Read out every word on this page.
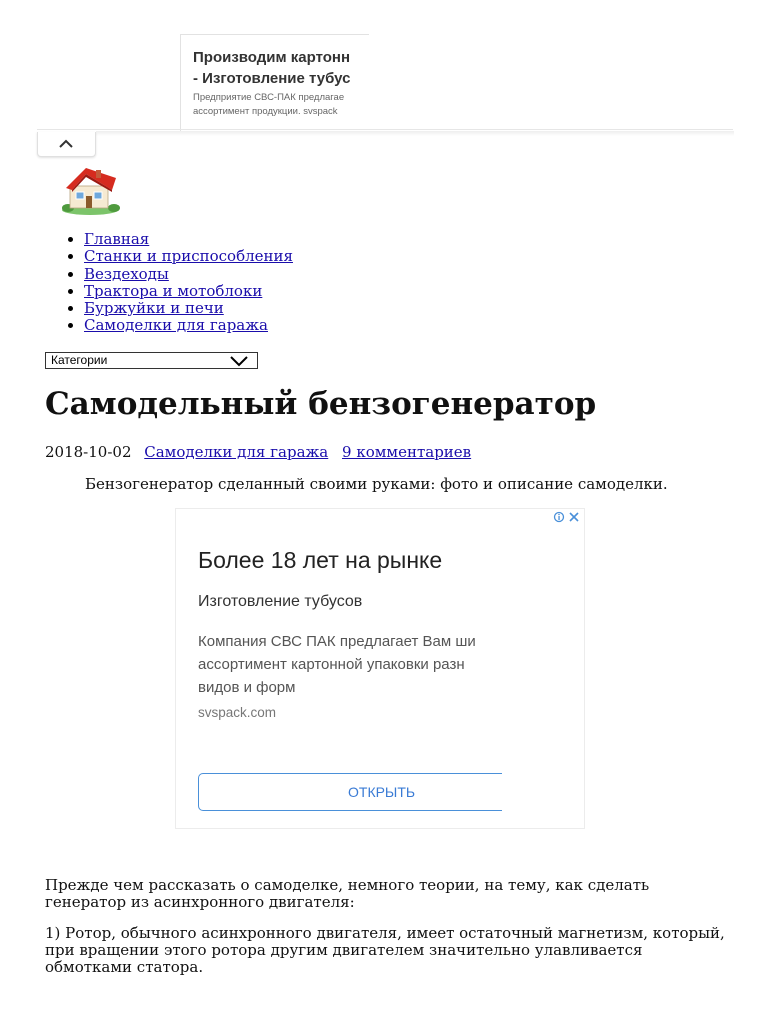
Производим картонн
- Изготовление тубус
Предприятие СВС-ПАК предлагае
ассортимент продукции. svspack
• Главная
• Станки и приспособления
• Вездеходы
• Трактора и мотоблоки
• Буржуйки и печи
• Самоделки для гаража
Категории
Самодельный бензогенератор
2018-10-02 Самоделки для гаража 9 комментариев
Бензогенератор сделанный своими руками: фото и описание самоделки.
Более 18 лет на рынке
Изготовление тубусов
Компания СВС ПАК предлагает Вам ши
ассортимент картонной упаковки разн
видов и форм
svspack.com
ОТКРЫТЬ

Прежде чем рассказать о самоделке, немного теории, на тему, как сделать генератор из асинхронного двигателя:

1) Ротор, обычного асинхронного двигателя, имеет остаточный магнетизм, который, при вращении этого ротора другим двигателем значительно улавливается обмотками статора.
